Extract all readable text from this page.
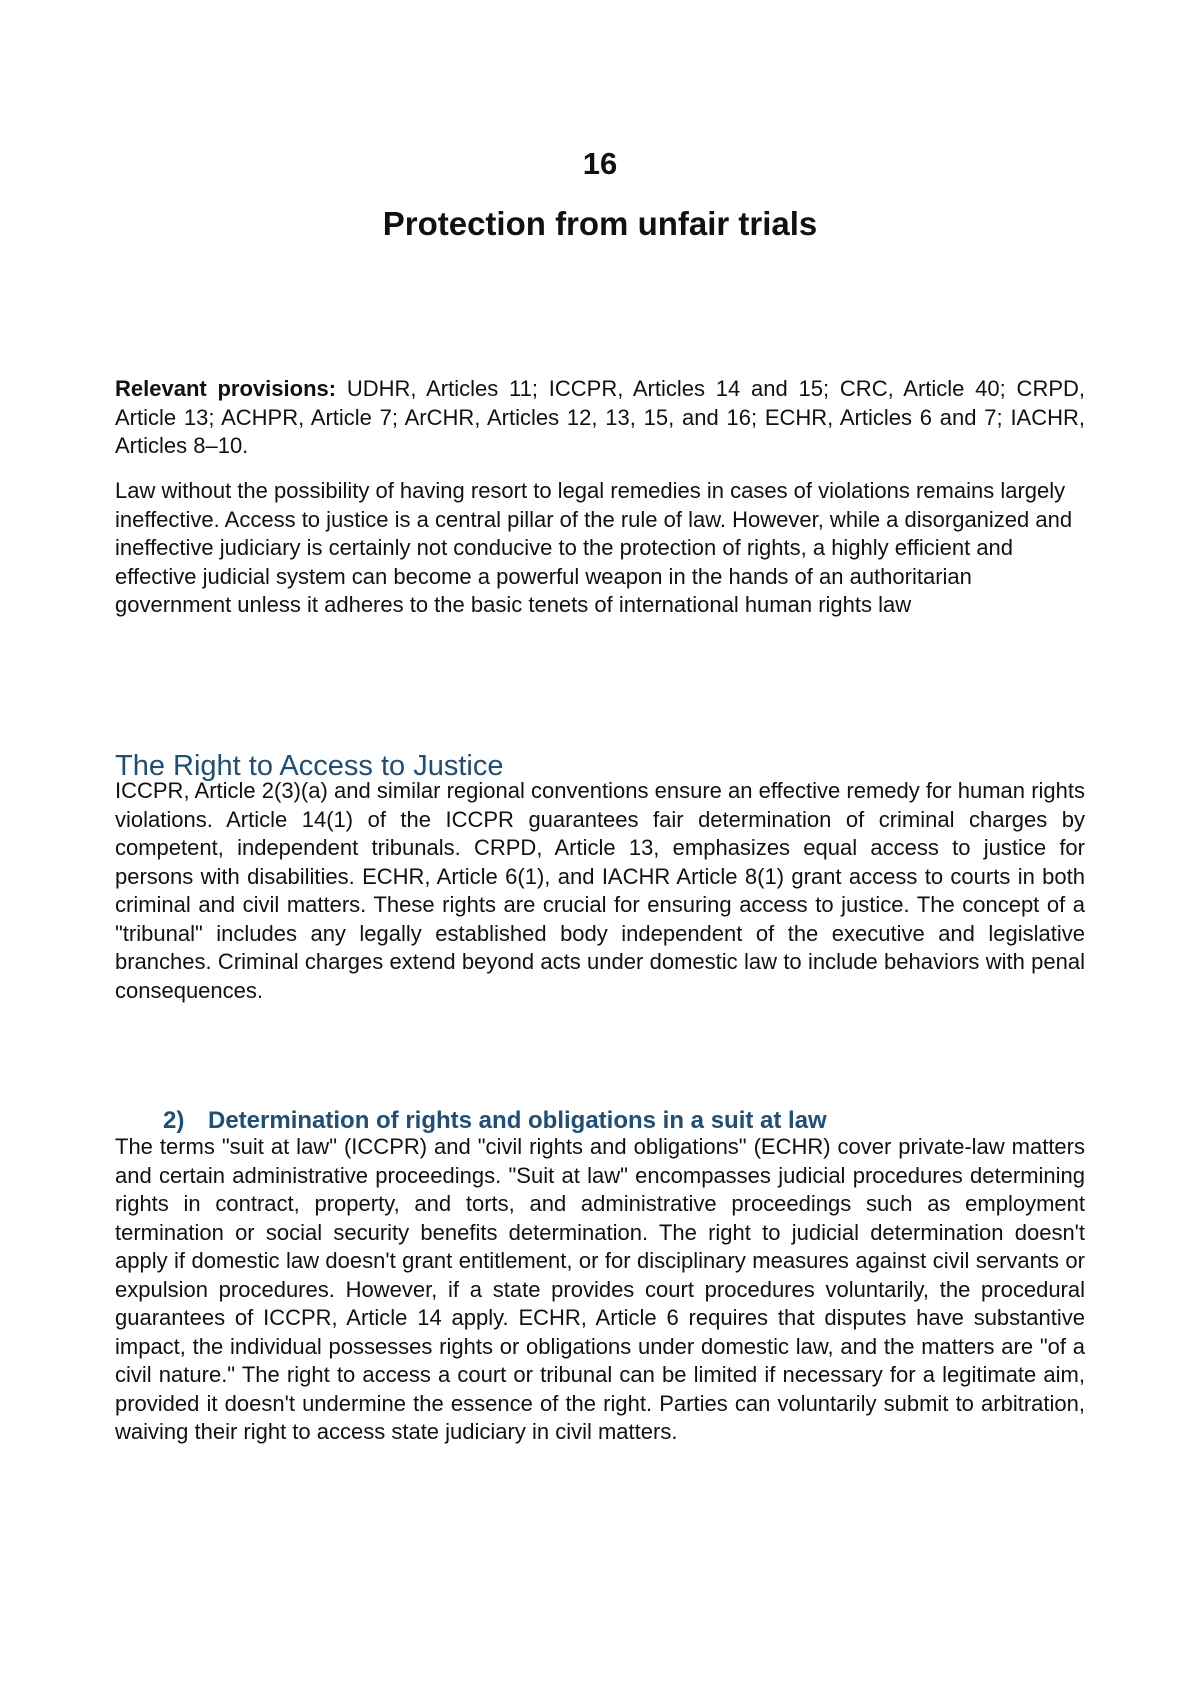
16
Protection from unfair trials

Relevant provisions: UDHR, Articles 11; ICCPR, Articles 14 and 15; CRC, Article 40; CRPD, Article 13; ACHPR, Article 7; ArCHR, Articles 12, 13, 15, and 16; ECHR, Articles 6 and 7; IACHR, Articles 8–10.

Law without the possibility of having resort to legal remedies in cases of violations remains largely ineffective. Access to justice is a central pillar of the rule of law. However, while a disorganized and ineffective judiciary is certainly not conducive to the protection of rights, a highly efficient and effective judicial system can become a powerful weapon in the hands of an authoritarian government unless it adheres to the basic tenets of international human rights law

The Right to Access to Justice

ICCPR, Article 2(3)(a) and similar regional conventions ensure an effective remedy for human rights violations. Article 14(1) of the ICCPR guarantees fair determination of criminal charges by competent, independent tribunals. CRPD, Article 13, emphasizes equal access to justice for persons with disabilities. ECHR, Article 6(1), and IACHR Article 8(1) grant access to courts in both criminal and civil matters. These rights are crucial for ensuring access to justice. The concept of a "tribunal" includes any legally established body independent of the executive and legislative branches. Criminal charges extend beyond acts under domestic law to include behaviors with penal consequences.

2) Determination of rights and obligations in a suit at law

The terms "suit at law" (ICCPR) and "civil rights and obligations" (ECHR) cover private-law matters and certain administrative proceedings. "Suit at law" encompasses judicial procedures determining rights in contract, property, and torts, and administrative proceedings such as employment termination or social security benefits determination. The right to judicial determination doesn't apply if domestic law doesn't grant entitlement, or for disciplinary measures against civil servants or expulsion procedures. However, if a state provides court procedures voluntarily, the procedural guarantees of ICCPR, Article 14 apply. ECHR, Article 6 requires that disputes have substantive impact, the individual possesses rights or obligations under domestic law, and the matters are "of a civil nature." The right to access a court or tribunal can be limited if necessary for a legitimate aim, provided it doesn't undermine the essence of the right. Parties can voluntarily submit to arbitration, waiving their right to access state judiciary in civil matters.
